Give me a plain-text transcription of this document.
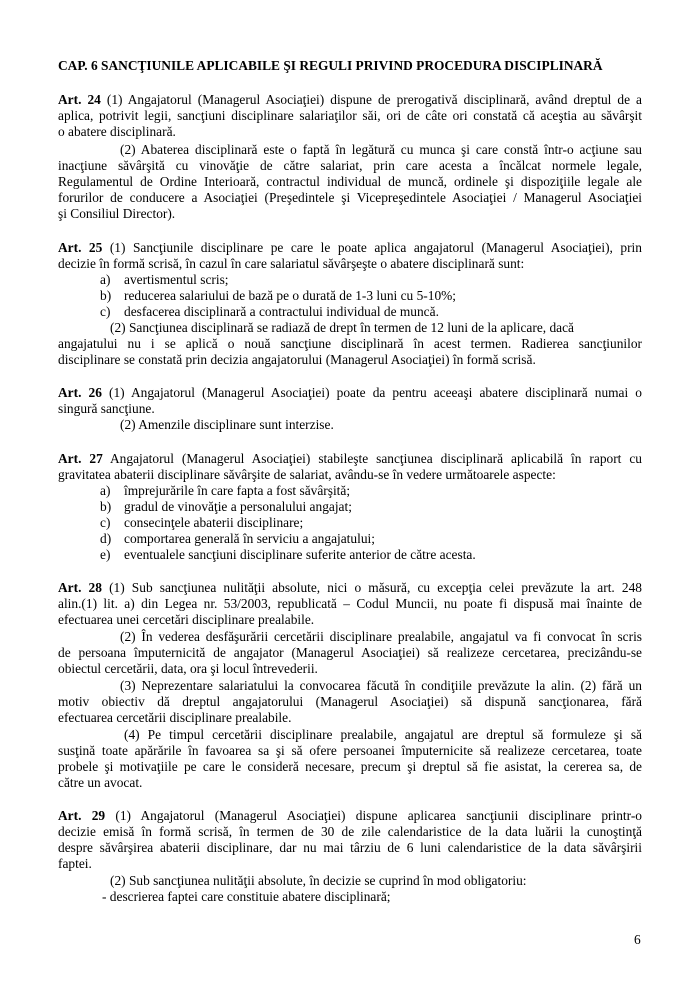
CAP. 6 SANCŢIUNILE APLICABILE ŞI REGULI PRIVIND PROCEDURA DISCIPLINARĂ
Art. 24 (1) Angajatorul (Managerul Asociaţiei) dispune de prerogativă disciplinară, având dreptul de a
aplica, potrivit legii, sancţiuni disciplinare salariaţilor săi, ori de câte ori constată că aceştia au săvârşit
o abatere disciplinară.
(2) Abaterea disciplinară este o faptă în legătură cu munca şi care constă într-o acţiune sau
inacţiune săvârşită cu vinovăţie de către salariat, prin care acesta a încălcat normele legale,
Regulamentul de Ordine Interioară, contractul individual de muncă, ordinele şi dispoziţiile legale ale
forurilor de conducere a Asociaţiei (Preşedintele şi Vicepreşedintele Asociaţiei / Managerul Asociaţiei
şi Consiliul Director).
Art. 25 (1) Sancţiunile disciplinare pe care le poate aplica angajatorul (Managerul Asociaţiei), prin
decizie în formă scrisă, în cazul în care salariatul săvârşeşte o abatere disciplinară sunt:
a) avertismentul scris;
b) reducerea salariului de bază pe o durată de 1-3 luni cu 5-10%;
c) desfacerea disciplinară a contractului individual de muncă.
(2) Sancţiunea disciplinară se radiază de drept în termen de 12 luni de la aplicare, dacă
angajatului nu i se aplică o nouă sancţiune disciplinară în acest termen. Radierea sancţiunilor
disciplinare se constată prin decizia angajatorului (Managerul Asociaţiei) în formă scrisă.
Art. 26 (1) Angajatorul (Managerul Asociaţiei) poate da pentru aceeaşi abatere disciplinară numai o
singură sancţiune.
(2) Amenzile disciplinare sunt interzise.
Art. 27 Angajatorul (Managerul Asociaţiei) stabileşte sancţiunea disciplinară aplicabilă în raport cu
gravitatea abaterii disciplinare săvârşite de salariat, avându-se în vedere următoarele aspecte:
a) împrejurările în care fapta a fost săvârşită;
b) gradul de vinovăţie a personalului angajat;
c) consecinţele abaterii disciplinare;
d) comportarea generală în serviciu a angajatului;
e) eventualele sancţiuni disciplinare suferite anterior de către acesta.
Art. 28 (1) Sub sancţiunea nulităţii absolute, nici o măsură, cu excepţia celei prevăzute la art. 248
alin.(1) lit. a) din Legea nr. 53/2003, republicată – Codul Muncii, nu poate fi dispusă mai înainte de
efectuarea unei cercetări disciplinare prealabile.
(2) În vederea desfăşurării cercetării disciplinare prealabile, angajatul va fi convocat în scris
de persoana împuternicită de angajator (Managerul Asociaţiei) să realizeze cercetarea, precizându-se
obiectul cercetării, data, ora şi locul întrevederii.
(3) Neprezentare salariatului la convocarea făcută în condiţiile prevăzute la alin. (2) fără un
motiv obiectiv dă dreptul angajatorului (Managerul Asociaţiei) să dispună sancţionarea, fără
efectuarea cercetării disciplinare prealabile.
(4) Pe timpul cercetării disciplinare prealabile, angajatul are dreptul să formuleze şi să
susţină toate apărările în favoarea sa şi să ofere persoanei împuternicite să realizeze cercetarea, toate
probele şi motivaţiile pe care le consideră necesare, precum şi dreptul să fie asistat, la cererea sa, de
către un avocat.
Art. 29 (1) Angajatorul (Managerul Asociaţiei) dispune aplicarea sancţiunii disciplinare printr-o
decizie emisă în formă scrisă, în termen de 30 de zile calendaristice de la data luării la cunoştinţă
despre săvârşirea abaterii disciplinare, dar nu mai târziu de 6 luni calendaristice de la data săvârşirii
faptei.
(2) Sub sancţiunea nulităţii absolute, în decizie se cuprind în mod obligatoriu:
- descrierea faptei care constituie abatere disciplinară;
6
